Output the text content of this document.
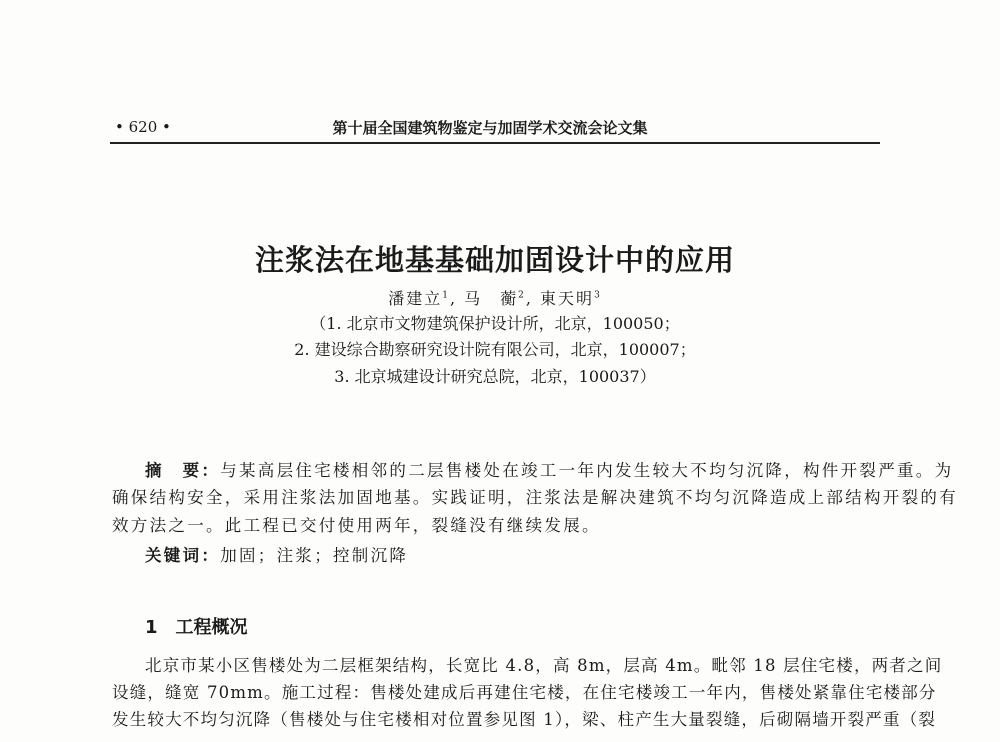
• 620 •	第十届全国建筑物鉴定与加固学术交流会论文集
注浆法在地基基础加固设计中的应用
潘建立$^1$, 马　蘅$^2$, 東天明$^3$
（1. 北京市文物建筑保护设计所，北京，100050；
2. 建设综合勘察研究设计院有限公司，北京，100007；
3. 北京城建设计研究总院，北京，100037）
摘　要：与某高层住宅楼相邻的二层售楼处在竣工一年内发生较大不均匀沉降，构件开裂严重。为
确保结构安全，采用注浆法加固地基。实践证明，注浆法是解决建筑不均匀沉降造成上部结构开裂的有
效方法之一。此工程已交付使用两年，裂缝没有继续发展。
关键词：加固；注浆；控制沉降
1　工程概况
北京市某小区售楼处为二层框架结构，长宽比 4.8，高 8m，层高 4m。毗邻 18 层住宅楼，两者之间
设缝，缝宽 70mm。施工过程：售楼处建成后再建住宅楼，在住宅楼竣工一年内，售楼处紧靠住宅楼部分
发生较大不均匀沉降（售楼处与住宅楼相对位置参见图 1），梁、柱产生大量裂缝，后砌隔墙开裂严重（裂
